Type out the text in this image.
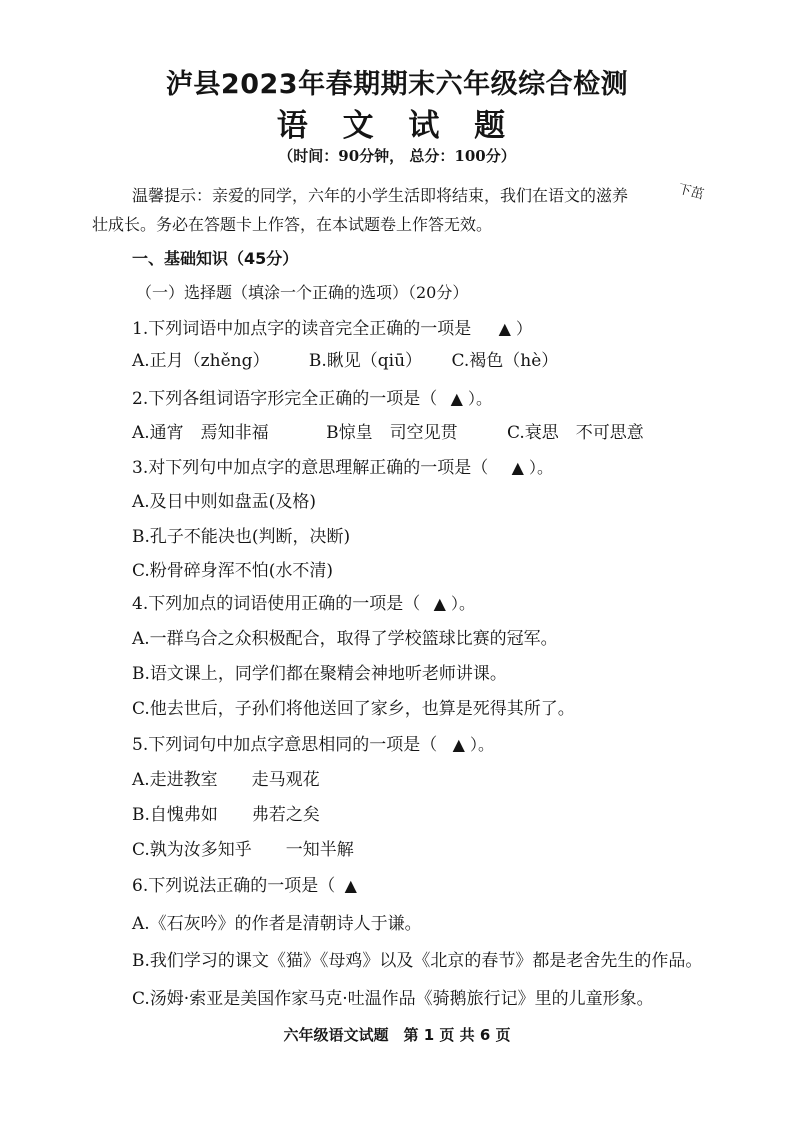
泸县2023年春期期末六年级综合检测
语 文 试 题
（时间：90分钟， 总分：100分）
温馨提示：亲爱的同学，六年的小学生活即将结束，我们在语文的滋养	下茁
壮成长。务必在答题卡上作答，在本试题卷上作答无效。
一、基础知识（45分）
（一）选择题（填涂一个正确的选项）（20分）
1.下列词语中加点字的读音完全正确的一项是 ▲ ）
A.正月（zhěng） B.瞅见（qiū） C.褐色（hè）
2.下列各组词语字形完全正确的一项是（ ▲ ）。
A.通宵　焉知非福	B惊皇　司空见贯	C.衰思　不可思意
3.对下列句中加点字的意思理解正确的一项是（ ▲ ）。
A.及日中则如盘盂(及格)
B.孔子不能决也(判断，决断)
C.粉骨碎身浑不怕(水不清)
4.下列加点的词语使用正确的一项是（ ▲ ）。
A.一群乌合之众积极配合，取得了学校篮球比赛的冠军。
B.语文课上，同学们都在聚精会神地听老师讲课。
C.他去世后，子孙们将他送回了家乡，也算是死得其所了。
5.下列词句中加点字意思相同的一项是（ ▲ ）。
A.走进教室　　走马观花
B.自愧弗如　　弗若之矣
C.孰为汝多知乎　　一知半解
6.下列说法正确的一项是（ ▲
A.《石灰吟》的作者是清朝诗人于谦。
B.我们学习的课文《猫》《母鸡》以及《北京的春节》都是老舍先生的作品。
C.汤姆·索亚是美国作家马克·吐温作品《骑鹅旅行记》里的儿童形象。
六年级语文试题　第 1 页 共 6 页
